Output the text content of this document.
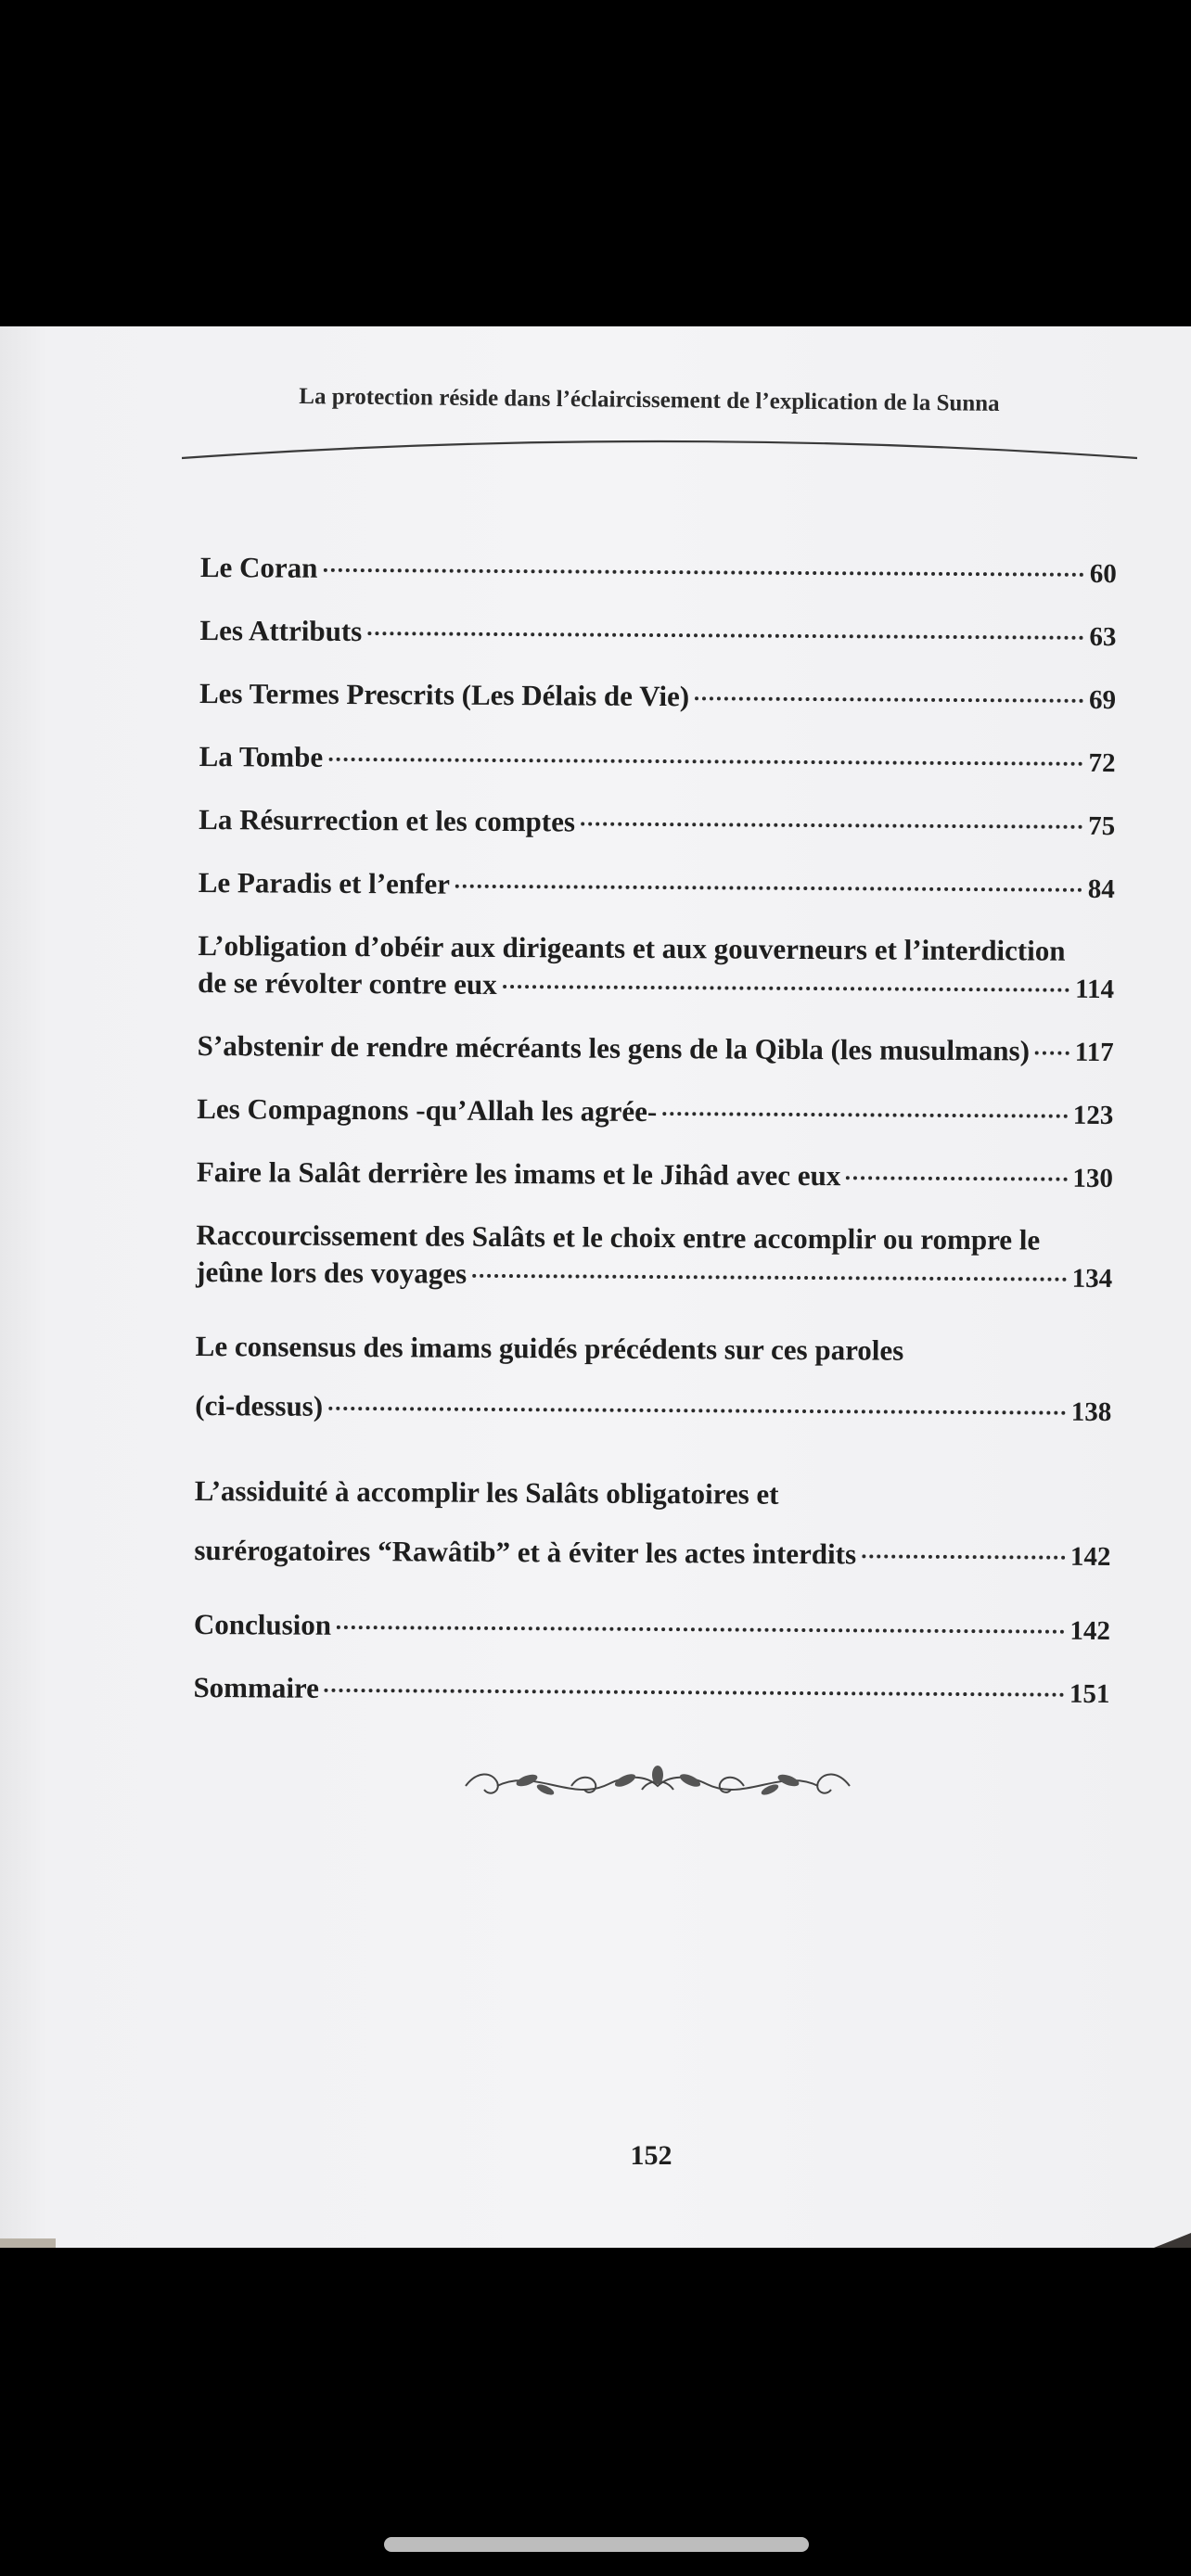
La protection réside dans l’éclaircissement de l’explication de la Sunna
Le Coran	60
Les Attributs	63
Les Termes Prescrits (Les Délais de Vie)	69
La Tombe	72
La Résurrection et les comptes	75
Le Paradis et l’enfer	84
L’obligation d’obéir aux dirigeants et aux gouverneurs et l’interdiction
de se révolter contre eux	114
S’abstenir de rendre mécréants les gens de la Qibla (les musulmans) 117
Les Compagnons -qu’Allah les agrée-	123
Faire la Salât derrière les imams et le Jihâd avec eux	130
Raccourcissement des Salâts et le choix entre accomplir ou rompre le
jeûne lors des voyages	134
Le consensus des imams guidés précédents sur ces paroles
(ci-dessus)	138
L’assiduité à accomplir les Salâts obligatoires et
surérogatoires “Rawâtib” et à éviter les actes interdits	142
Conclusion	142
Sommaire	151
152
